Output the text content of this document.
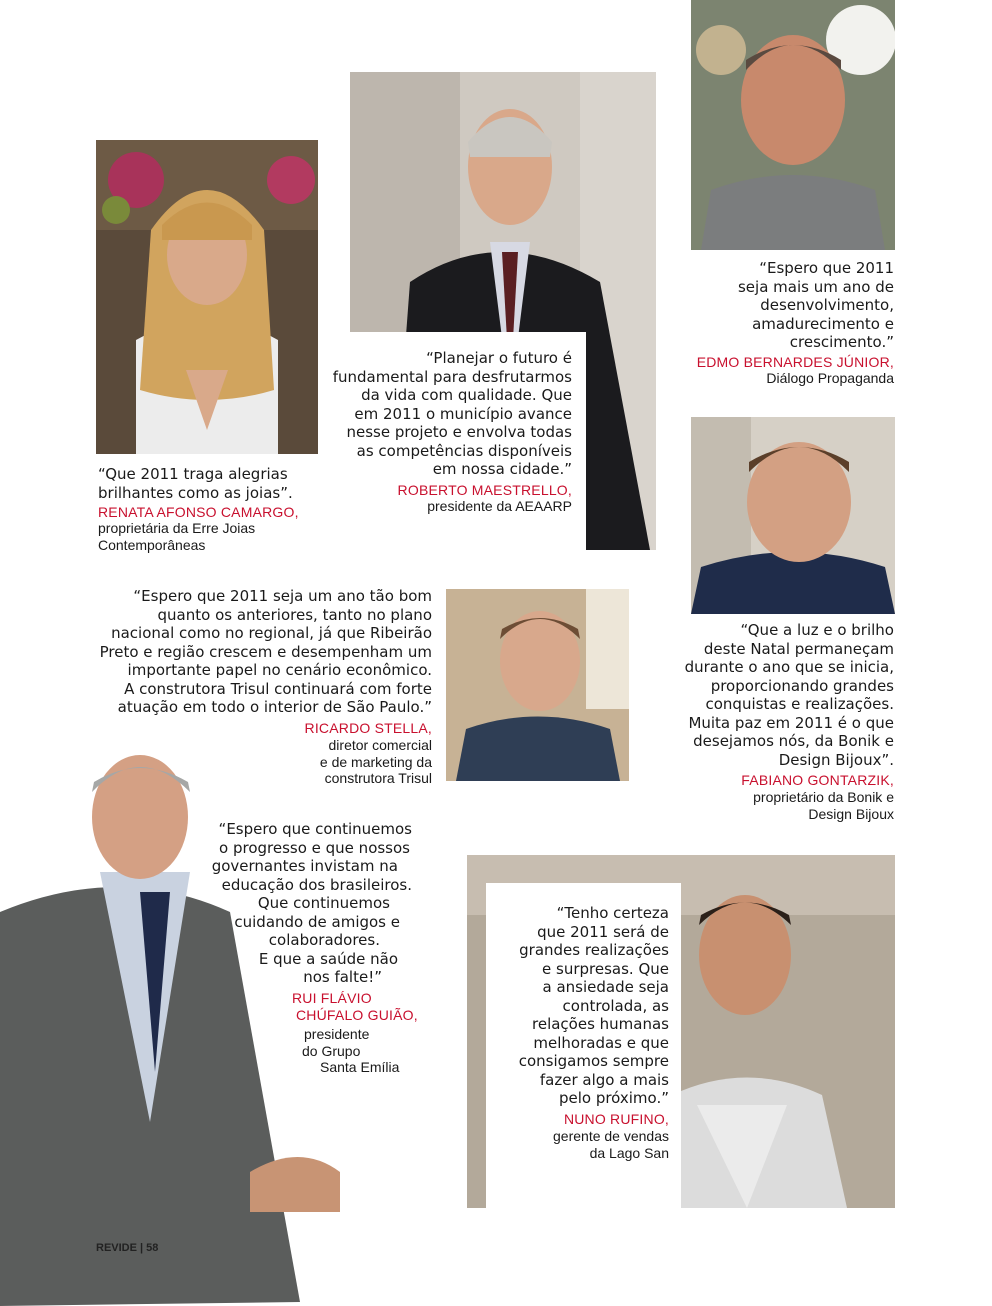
“Que 2011 traga alegrias
brilhantes como as joias”.
RENATA AFONSO CAMARGO,
proprietária da Erre Joias
Contemporâneas
“Planejar o futuro é
fundamental para desfrutarmos
da vida com qualidade. Que
em 2011 o município avance
nesse projeto e envolva todas
as competências disponíveis
em nossa cidade.”
ROBERTO MAESTRELLO,
presidente da AEAARP
“Espero que 2011
seja mais um ano de
desenvolvimento,
amadurecimento e
crescimento.”
EDMO BERNARDES JÚNIOR,
Diálogo Propaganda
“Espero que 2011 seja um ano tão bom
quanto os anteriores, tanto no plano
nacional como no regional, já que Ribeirão
Preto e região crescem e desempenham um
importante papel no cenário econômico.
A construtora Trisul continuará com forte
atuação em todo o interior de São Paulo.”
RICARDO STELLA,
diretor comercial
e de marketing da
construtora Trisul
“Que a luz e o brilho
deste Natal permaneçam
durante o ano que se inicia,
proporcionando grandes
conquistas e realizações.
Muita paz em 2011 é o que
desejamos nós, da Bonik e
Design Bijoux”.
FABIANO GONTARZIK,
proprietário da Bonik e
Design Bijoux
“Espero que continuemos
o progresso e que nossos
governantes invistam na
educação dos brasileiros.
Que continuemos
cuidando de amigos e
colaboradores.
E que a saúde não
nos falte!”
RUI FLÁVIO
CHÚFALO GUIÃO,
presidente
do Grupo
Santa Emília
“Tenho certeza
que 2011 será de
grandes realizações
e surpresas. Que
a ansiedade seja
controlada, as
relações humanas
melhoradas e que
consigamos sempre
fazer algo a mais
pelo próximo.”
NUNO RUFINO,
gerente de vendas
da Lago San
REVIDE | 58
